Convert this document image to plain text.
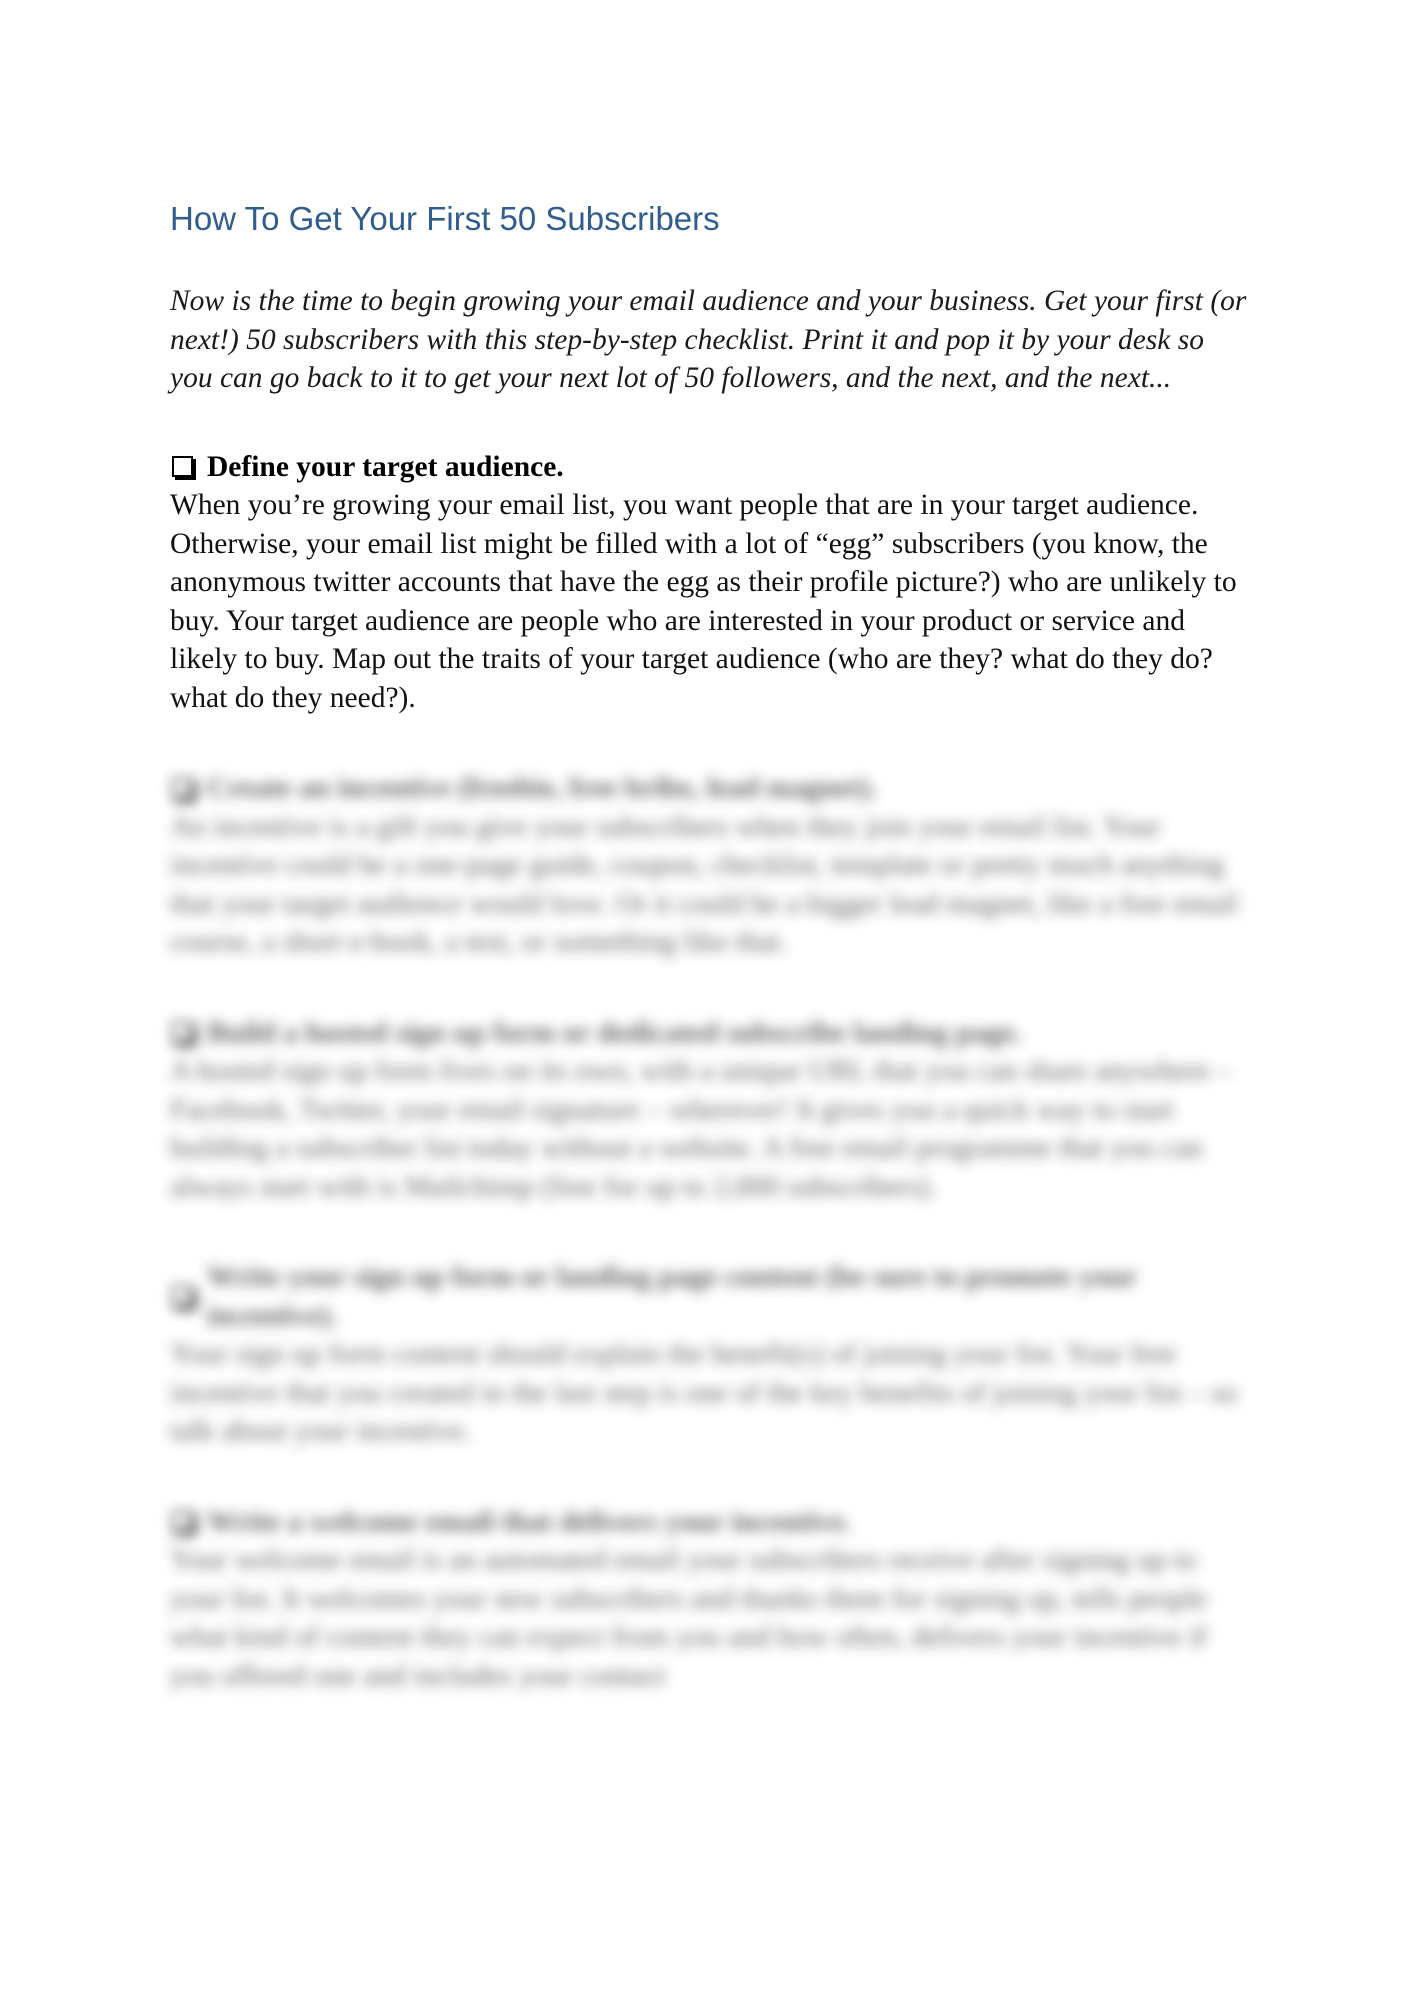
How To Get Your First 50 Subscribers

Now is the time to begin growing your email audience and your business. Get your first (or next!) 50 subscribers with this step-by-step checklist. Print it and pop it by your desk so you can go back to it to get your next lot of 50 followers, and the next, and the next...

Define your target audience.

When you’re growing your email list, you want people that are in your target audience. Otherwise, your email list might be filled with a lot of “egg” subscribers (you know, the anonymous twitter accounts that have the egg as their profile picture?) who are unlikely to buy. Your target audience are people who are interested in your product or service and likely to buy. Map out the traits of your target audience (who are they? what do they do? what do they need?).

Create an incentive (freebie, free bribe, lead magnet).

An incentive is a gift you give your subscribers when they join your email list. Your incentive could be a one-page guide, coupon, checklist, template or pretty much anything that your target audience would love. Or it could be a bigger lead magnet, like a free email course, a short e-book, a test, or something like that.

Build a hosted sign up form or dedicated subscribe landing page.

A hosted sign up form lives on its own, with a unique URL that you can share anywhere – Facebook, Twitter, your email signature – wherever! It gives you a quick way to start building a subscriber list today without a website. A free email programme that you can always start with is Mailchimp (free for up to 2,000 subscribers).

Write your sign up form or landing page content (be sure to promote your incentive).

Your sign up form content should explain the benefit(s) of joining your list. Your free incentive that you created in the last step is one of the key benefits of joining your list – so talk about your incentive.

Write a welcome email that delivers your incentive.

Your welcome email is an automated email your subscribers receive after signing up to your list. It welcomes your new subscribers and thanks them for signing up, tells people what kind of content they can expect from you and how often, delivers your incentive if you offered one and includes your contact
